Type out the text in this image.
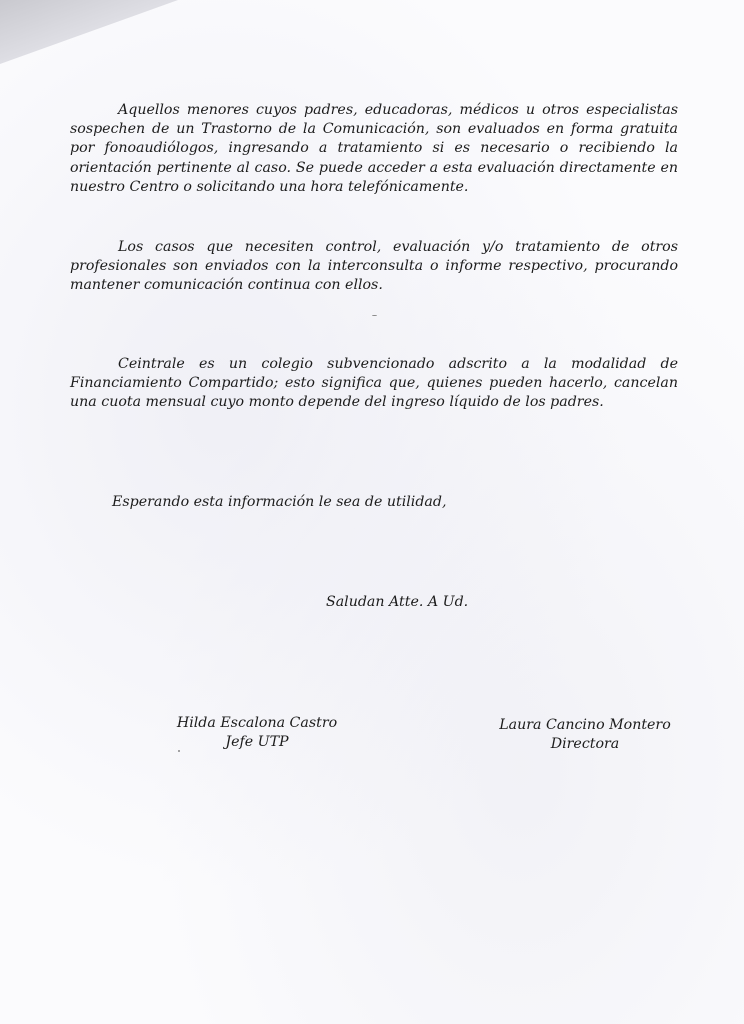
Aquellos menores cuyos padres, educadoras, médicos u otros especialistas sospechen de un Trastorno de la Comunicación, son evaluados en forma gratuita por fonoaudiólogos, ingresando a tratamiento si es necesario o recibiendo la orientación pertinente al caso. Se puede acceder a esta evaluación directamente en nuestro Centro o solicitando una hora telefónicamente.

Los casos que necesiten control, evaluación y/o tratamiento de otros profesionales son enviados con la interconsulta o informe respectivo, procurando mantener comunicación continua con ellos.

Ceintrale es un colegio subvencionado adscrito a la modalidad de Financiamiento Compartido; esto significa que, quienes pueden hacerlo, cancelan una cuota mensual cuyo monto depende del ingreso líquido de los padres.

Esperando esta información le sea de utilidad,
Saludan Atte. A Ud.
Hilda Escalona Castro
Jefe UTP
Laura Cancino Montero
Directora
